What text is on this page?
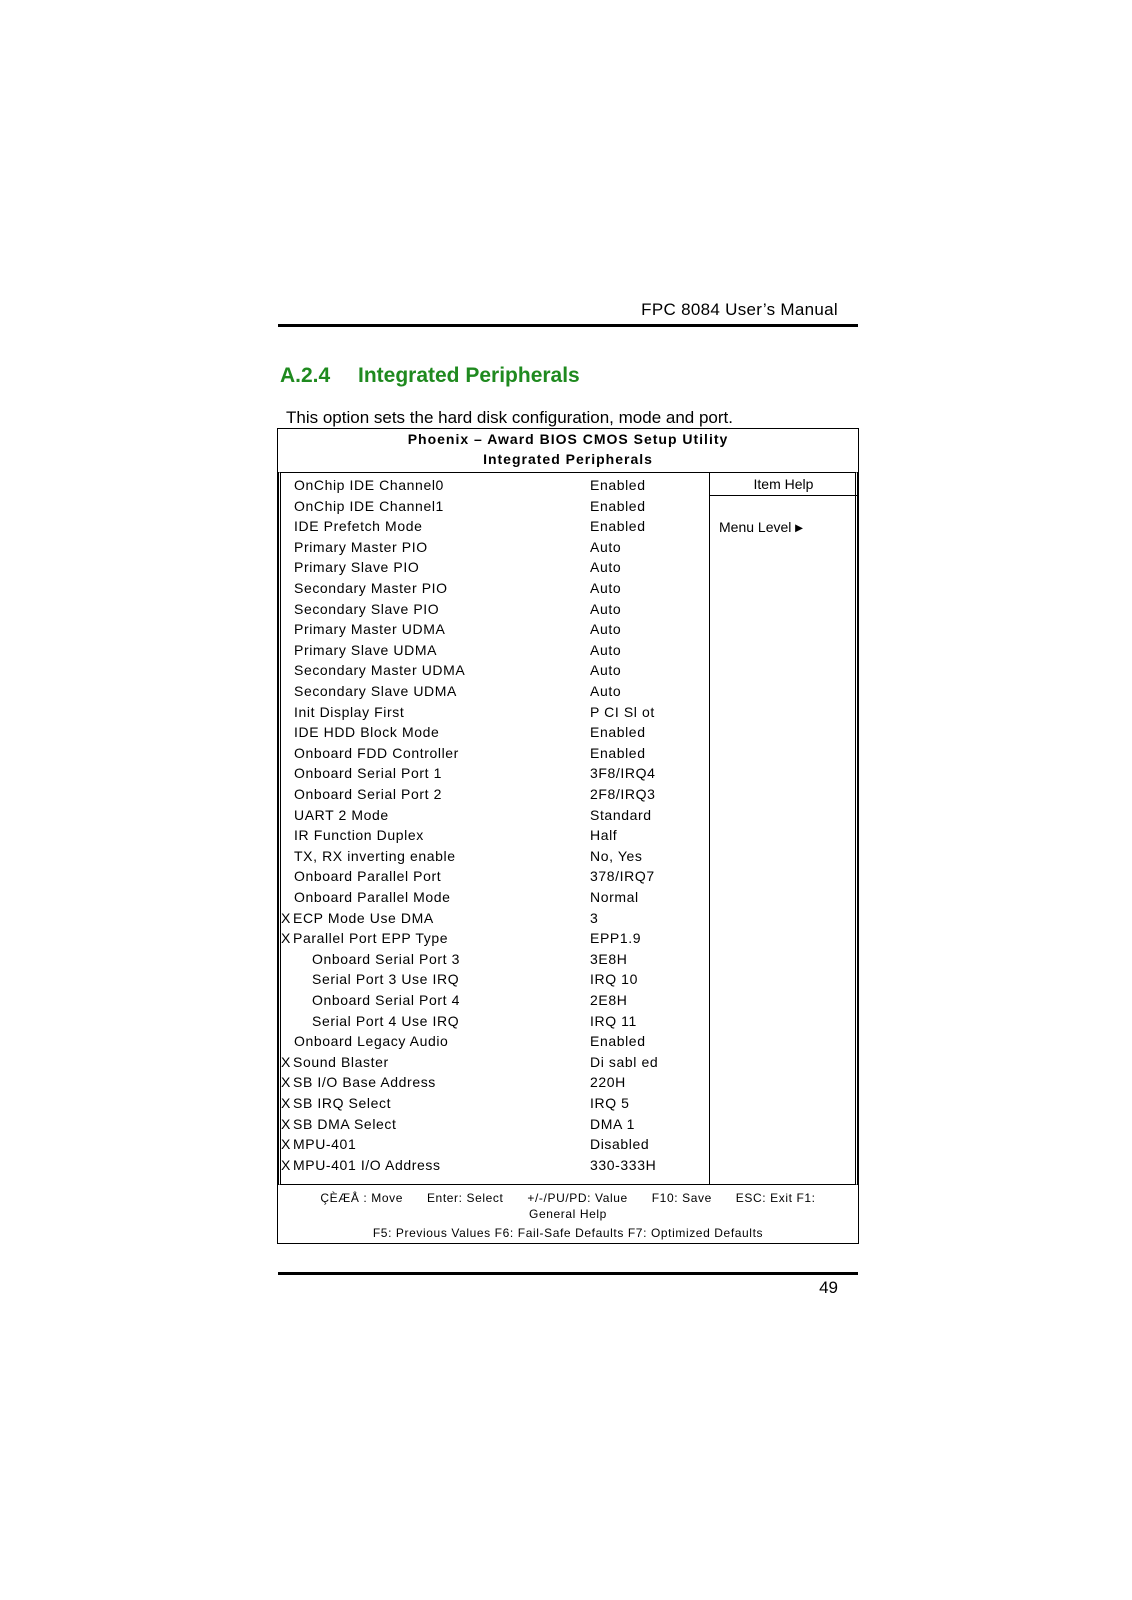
FPC 8084 User’s Manual
A.2.4 Integrated Peripherals
This option sets the hard disk configuration, mode and port.
Phoenix – Award BIOS CMOS Setup Utility
Integrated Peripherals
Item Help
Menu Level ▸
OnChip IDE Channel0	Enabled
OnChip IDE Channel1	Enabled
IDE Prefetch Mode	Enabled
Primary Master PIO	Auto
Primary Slave PIO	Auto
Secondary Master PIO	Auto
Secondary Slave PIO	Auto
Primary Master UDMA	Auto
Primary Slave UDMA	Auto
Secondary Master UDMA	Auto
Secondary Slave UDMA	Auto
Init Display First	P CI Sl ot
IDE HDD Block Mode	Enabled
Onboard FDD Controller	Enabled
Onboard Serial Port 1	3F8/IRQ4
Onboard Serial Port 2	2F8/IRQ3
UART 2 Mode	Standard
IR Function Duplex	Half
TX, RX inverting enable	No, Yes
Onboard Parallel Port	378/IRQ7
Onboard Parallel Mode	Normal
X ECP Mode Use DMA	3
X Parallel Port EPP Type	EPP1.9
Onboard Serial Port 3	3E8H
Serial Port 3 Use IRQ	IRQ 10
Onboard Serial Port 4	2E8H
Serial Port 4 Use IRQ	IRQ 11
Onboard Legacy Audio	Enabled
X Sound Blaster	Di sabl ed
X SB I/O Base Address	220H
X SB IRQ Select	IRQ 5
X SB DMA Select	DMA 1
X MPU-401	Disabled
X MPU-401 I/O Address	330-333H
ÇÈÆÅ : Move Enter: Select +/-/PU/PD: Value F10: Save ESC: Exit F1:
General Help
F5: Previous Values F6: Fail-Safe Defaults F7: Optimized Defaults
49
